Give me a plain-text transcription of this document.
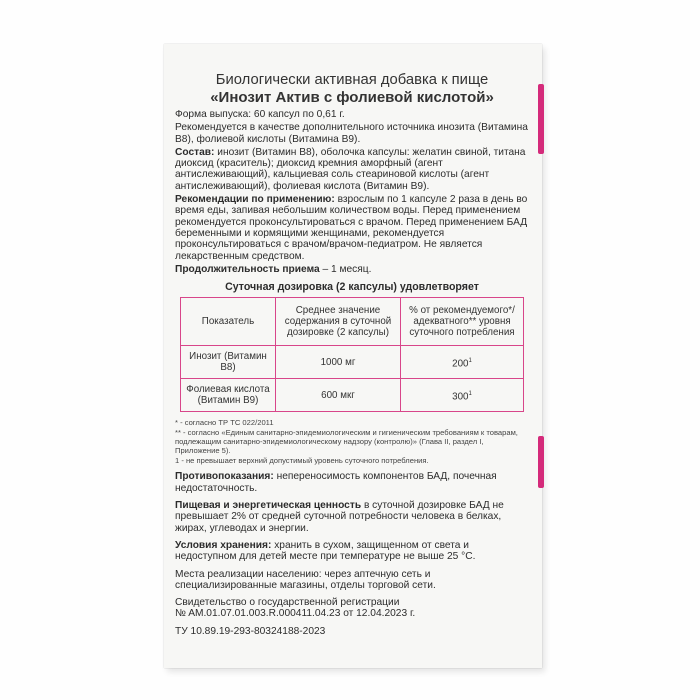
Биологически активная добавка к пище
«Инозит Актив с фолиевой кислотой»

Форма выпуска: 60 капсул по 0,61 г.

Рекомендуется в качестве дополнительного источника инозита (Витамина В8), фолиевой кислоты (Витамина В9).

Состав: инозит (Витамин В8), оболочка капсулы: желатин свиной, титана диоксид (краситель); диоксид кремния аморфный (агент антислеживающий), кальциевая соль стеариновой кислоты (агент антислеживающий), фолиевая кислота (Витамин В9).

Рекомендации по применению: взрослым по 1 капсуле 2 раза в день во время еды, запивая небольшим количеством воды. Перед применением рекомендуется проконсультироваться с врачом. Перед применением БАД беременными и кормящими женщинами, рекомендуется проконсультироваться с врачом/врачом-педиатром. Не является лекарственным средством.

Продолжительность приема – 1 месяц.

Суточная дозировка (2 капсулы) удовлетворяет
Показатель	Среднее значение содержания в суточной дозировке (2 капсулы)	% от рекомендуемого*/ адекватного** уровня суточного потребления
Инозит (Витамин В8)	1000 мг	$200^1$
Фолиевая кислота (Витамин В9)	600 мкг	$300^1$

* - согласно ТР ТС 022/2011

** - согласно «Единым санитарно-эпидемиологическим и гигиеническим требованиям к товарам, подлежащим санитарно-эпидемиологическому надзору (контролю)» (Глава II, раздел I, Приложение 5).

1 - не превышает верхний допустимый уровень суточного потребления.

Противопоказания: непереносимость компонентов БАД, почечная недостаточность.

Пищевая и энергетическая ценность в суточной дозировке БАД не превышает 2% от средней суточной потребности человека в белках, жирах, углеводах и энергии.

Условия хранения: хранить в сухом, защищенном от света и недоступном для детей месте при температуре не выше 25 °С.

Места реализации населению: через аптечную сеть и специализированные магазины, отделы торговой сети.

Свидетельство о государственной регистрации

№ AM.01.07.01.003.R.000411.04.23 от 12.04.2023 г.

ТУ 10.89.19-293-80324188-2023
